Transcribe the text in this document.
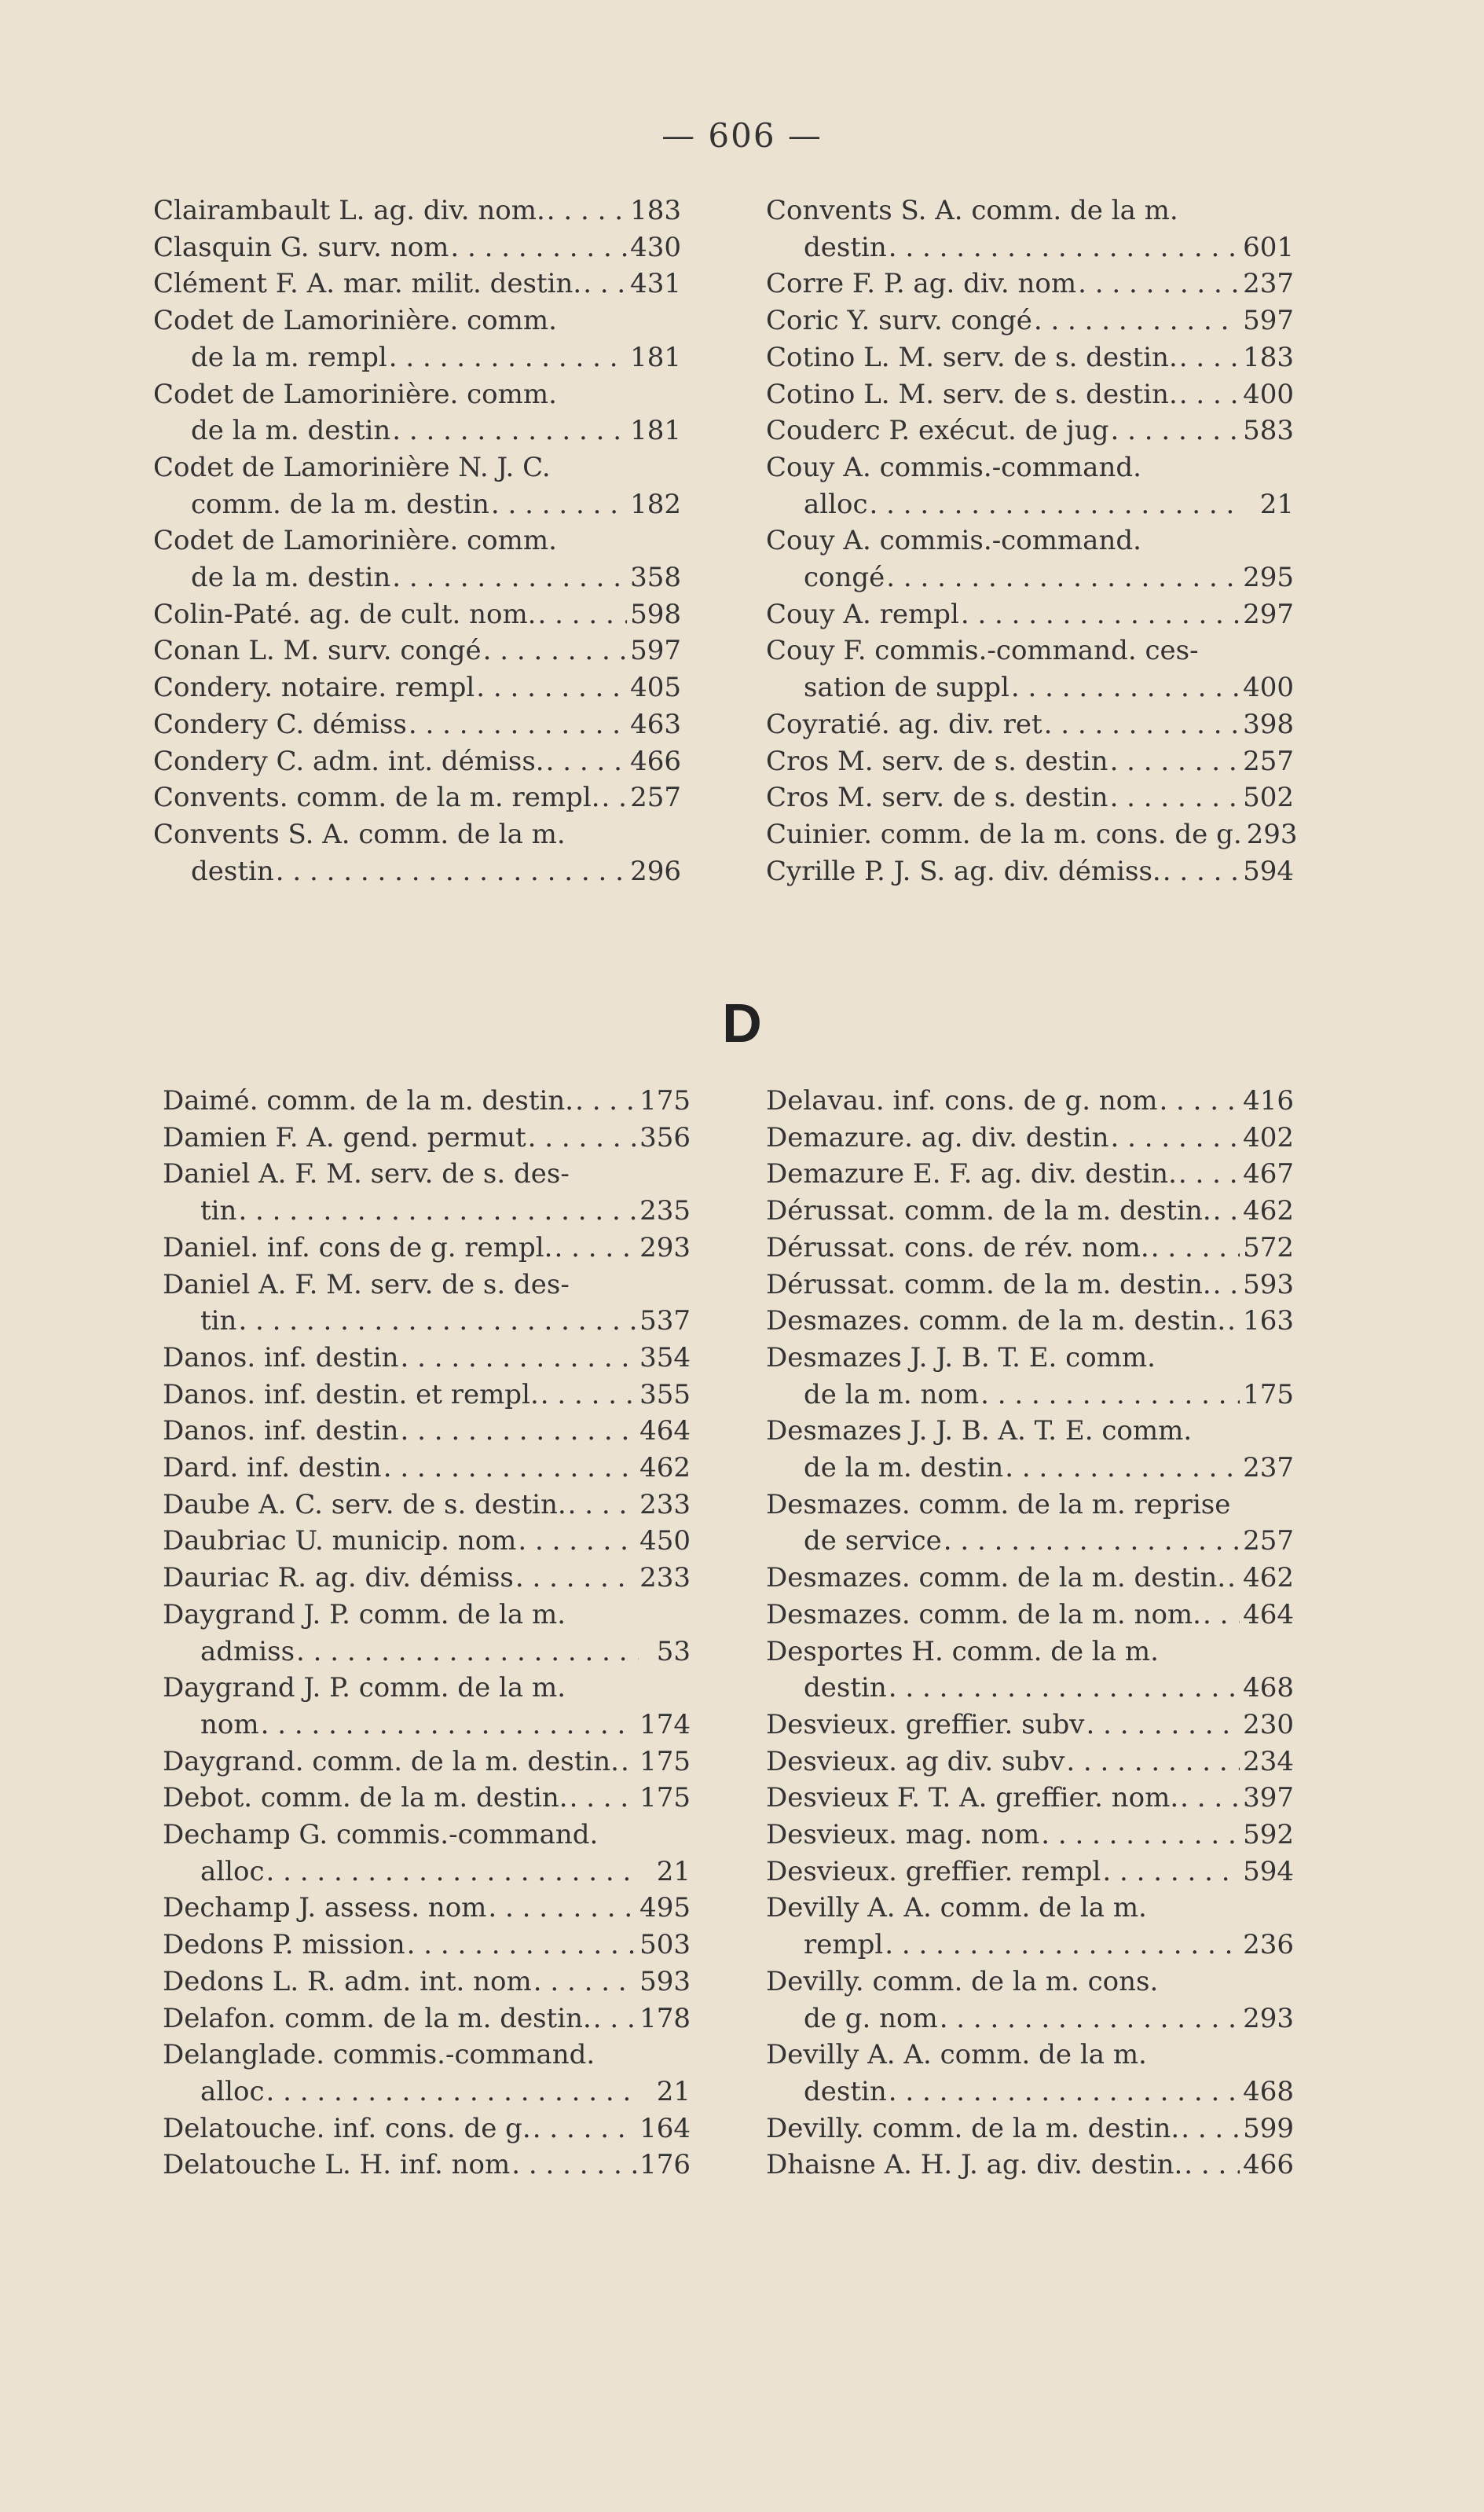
— 606 —
D
Clairambault L. ag. div. nom. . . .	183
Clasquin G. surv. nom . . .	430
Clément F. A. mar. milit. destin. . . . 431
Codet de Lamorinière. comm.
de la m. rempl . . .	181
Codet de Lamorinière. comm.
de la m. destin . . .	181
Codet de Lamorinière N. J. C.
comm. de la m. destin . . .	182
Codet de Lamorinière. comm.
de la m. destin . . .	358
Colin-Paté. ag. de cult. nom. . . .	598
Conan L. M. surv. congé . . .	597
Condery. notaire. rempl . . .	405
Condery C. démiss . . .	463
Condery C. adm. int. démiss. . . .	466
Convents. comm. de la m. rempl. . . . 257
Convents S. A. comm. de la m.
destin . . .	296
Convents S. A. comm. de la m.
destin . . .	601
Corre F. P. ag. div. nom . . .	237
Coric Y. surv. congé . . .	597
Cotino L. M. serv. de s. destin. . . . 183
Cotino L. M. serv. de s. destin. . . . 400
Couderc P. exécut. de jug . . .	583
Couy A. commis.-command.
alloc . . .	21
Couy A. commis.-command.
congé . . .	295
Couy A. rempl . . .	297
Couy F. commis.-command. ces-
sation de suppl . . .	400
Coyratié. ag. div. ret . . .	398
Cros M. serv. de s. destin . . .	257
Cros M. serv. de s. destin . . .	502
Cuinier. comm. de la m. cons. de g. 293
Cyrille P. J. S. ag. div. démiss. . . .	594
Daimé. comm. de la m. destin. . . . 175
Damien F. A. gend. permut . . .	356
Daniel A. F. M. serv. de s. des-
tin . . .	235
Daniel. inf. cons de g. rempl. . . .	293
Daniel A. F. M. serv. de s. des-
tin . . .	537
Danos. inf. destin . . .	354
Danos. inf. destin. et rempl. . . .	355
Danos. inf. destin . . .	464
Dard. inf. destin . . .	462
Daube A. C. serv. de s. destin. . . .	233
Daubriac U. municip. nom . . .	450
Dauriac R. ag. div. démiss . . .	233
Daygrand J. P. comm. de la m.
admiss . . .	53
Daygrand J. P. comm. de la m.
nom . . .	174
Daygrand. comm. de la m. destin. . . . 175
Debot. comm. de la m. destin. . . .	175
Dechamp G. commis.-command.
alloc . . .	21
Dechamp J. assess. nom . . .	495
Dedons P. mission . . .	503
Dedons L. R. adm. int. nom . . .	593
Delafon. comm. de la m. destin. . . . 178
Delanglade. commis.-command.
alloc . . .	21
Delatouche. inf. cons. de g. . . .	164
Delatouche L. H. inf. nom . . .	176
Delavau. inf. cons. de g. nom . . .	416
Demazure. ag. div. destin . . .	402
Demazure E. F. ag. div. destin. . . . 467
Dérussat. comm. de la m. destin. . . . 462
Dérussat. cons. de rév. nom. . . .	572
Dérussat. comm. de la m. destin. . . . 593
Desmazes. comm. de la m. destin. . . . 163
Desmazes J. J. B. T. E. comm.
de la m. nom . . .	175
Desmazes J. J. B. A. T. E. comm.
de la m. destin . . .	237
Desmazes. comm. de la m. reprise
de service . . .	257
Desmazes. comm. de la m. destin. . . . 462
Desmazes. comm. de la m. nom. . . . 464
Desportes H. comm. de la m.
destin . . .	468
Desvieux. greffier. subv . . .	230
Desvieux. ag div. subv . . .	234
Desvieux F. T. A. greffier. nom. . . . 397
Desvieux. mag. nom . . .	592
Desvieux. greffier. rempl . . .	594
Devilly A. A. comm. de la m.
rempl . . .	236
Devilly. comm. de la m. cons.
de g. nom . . .	293
Devilly A. A. comm. de la m.
destin . . .	468
Devilly. comm. de la m. destin. . . . 599
Dhaisne A. H. J. ag. div. destin. . . . 466
